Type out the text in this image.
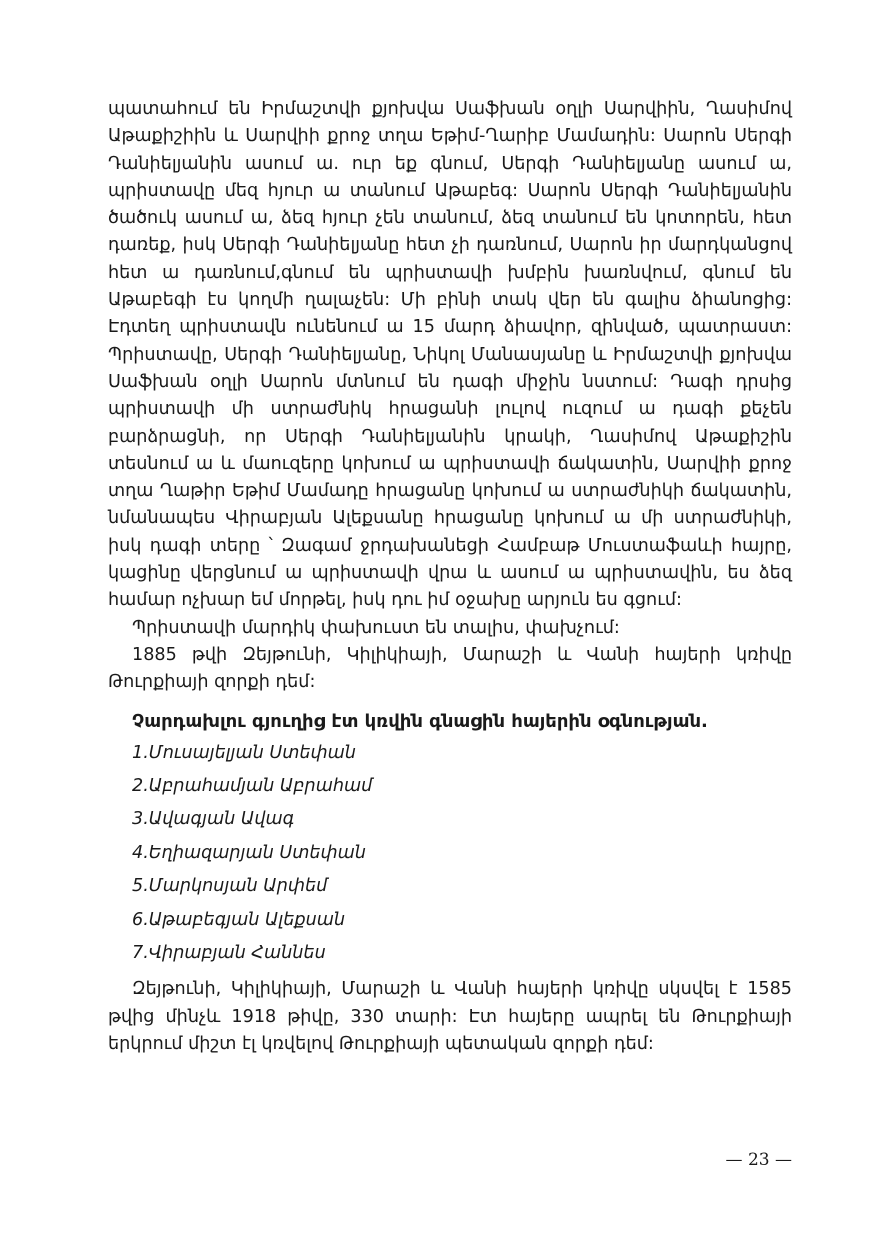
պատահում են Իրմաշտվի քյոխվա Սաֆխան օղլի Սարվիին, Ղասիմով Աթաքիշիին և Սարվիի քրոջ տղա Եթիմ-Ղարիբ Մամադին: Սարոն Սերգի Դանիելյանին ասում ա. ուր եք գնում, Սերգի Դանիելյանը ասում ա, պրիստավը մեզ հյուր ա տանում Աթաբեգ: Սարոն Սերգի Դանիելյանին ծածուկ ասում ա, ձեզ հյուր չեն տանում, ձեզ տանում են կոտորեն, հետ դառեք, իսկ Սերգի Դանիելյանը հետ չի դառնում, Սարոն իր մարդկանցով հետ ա դառնում,գնում են պրիստավի խմբին խառնվում, գնում են Աթաբեգի էս կողմի ղալաչեն: Մի բինի տակ վեր են գալիս ձիանոցից: Էդտեղ պրիստավն ունենում ա 15 մարդ ձիավոր, զինված, պատրաստ: Պրիստավը, Սերգի Դանիելյանը, Նիկոլ Մանասյանը և Իրմաշտվի քյոխվա Սաֆխան օղլի Սարոն մտնում են դագի միջին նստում: Դագի դրսից պրիստավի մի ստրաժնիկ հրացանի լուլով ուզում ա դագի քեչեն բարձրացնի, որ Սերգի Դանիելյանին կրակի, Ղասիմով Աթաքիշին տեսնում ա և մաուզերը կոխում ա պրիստավի ճակատին, Սարվիի քրոջ տղա Ղաթիր Եթիմ Մամադը հրացանը կոխում ա ստրաժնիկի ճակատին, նմանապես Վիրաբյան Ալեքսանը հրացանը կոխում ա մի ստրաժնիկի, իսկ դագի տերը ՝ Զագամ ջրդախանեցի Համբաթ Մուստաֆաևի հայրը, կացինը վերցնում ա պրիստավի վրա և ասում ա պրիստավին, ես ձեզ համար ոչխար եմ մորթել, իսկ դու իմ օջախը արյուն ես գցում:

Պրիստավի մարդիկ փախուստ են տալիս, փախչում:

1885 թվի Զեյթունի, Կիլիկիայի, Մարաշի և Վանի հայերի կռիվը Թուրքիայի զորքի դեմ:

Չարդախլու գյուղից էտ կռվին գնացին հայերին օգնության.

1.Մուսայելյան Ստեփան
2.Աբրահամյան Աբրահամ
3.Ավագյան Ավագ
4.Եղիազարյան Ստեփան
5.Մարկոսյան Արփեմ
6.Աթաբեգյան Ալեքսան
7.Վիրաբյան Հաննես

Զեյթունի, Կիլիկիայի, Մարաշի և Վանի հայերի կռիվը սկսվել է 1585 թվից մինչև 1918 թիվը, 330 տարի: Էտ հայերը ապրել են Թուրքիայի երկրում միշտ էլ կռվելով Թուրքիայի պետական զորքի դեմ:

— 23 —
